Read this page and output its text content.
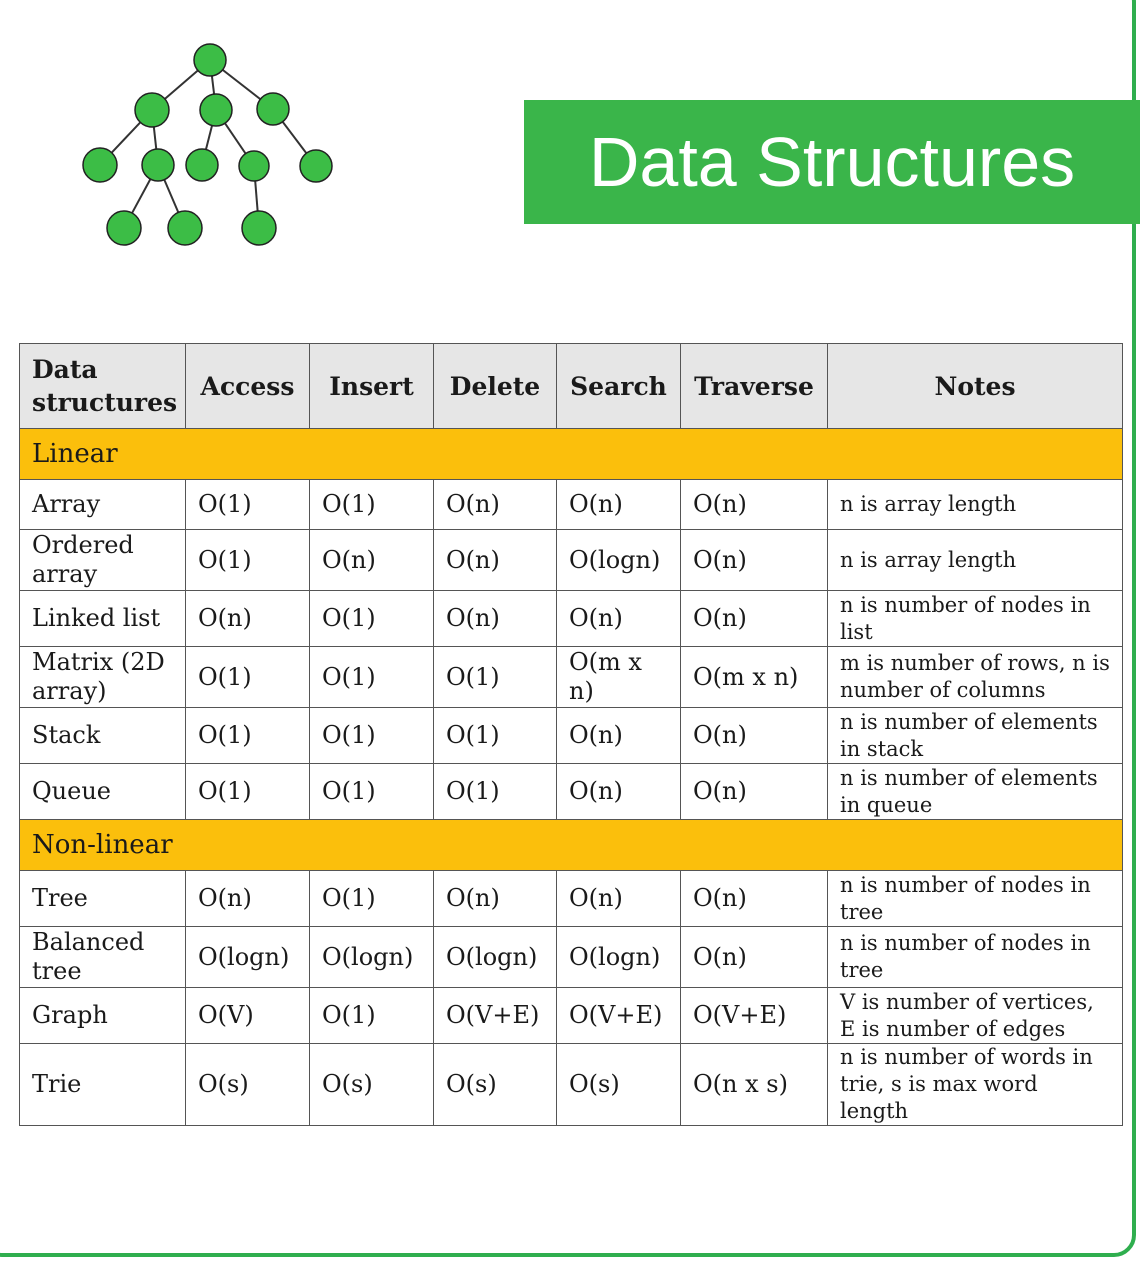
Data Structures
Data structures	Access	Insert	Delete	Search	Traverse	Notes
Linear						
Array	O(1)	O(1)	O(n)	O(n)	O(n)	n is array length
Ordered array	O(1)	O(n)	O(n)	O(logn)	O(n)	n is array length
Linked list	O(n)	O(1)	O(n)	O(n)	O(n)	n is number of nodes in list
Matrix (2D array)	O(1)	O(1)	O(1)	O(m x n)	O(m x n)	m is number of rows, n is number of columns
Stack	O(1)	O(1)	O(1)	O(n)	O(n)	n is number of elements in stack
Queue	O(1)	O(1)	O(1)	O(n)	O(n)	n is number of elements in queue
Non-linear						
Tree	O(n)	O(1)	O(n)	O(n)	O(n)	n is number of nodes in tree
Balanced tree	O(logn)	O(logn)	O(logn)	O(logn)	O(n)	n is number of nodes in tree
Graph	O(V)	O(1)	O(V+E)	O(V+E)	O(V+E)	V is number of vertices, E is number of edges
Trie	O(s)	O(s)	O(s)	O(s)	O(n x s)	n is number of words in trie, s is max word length
